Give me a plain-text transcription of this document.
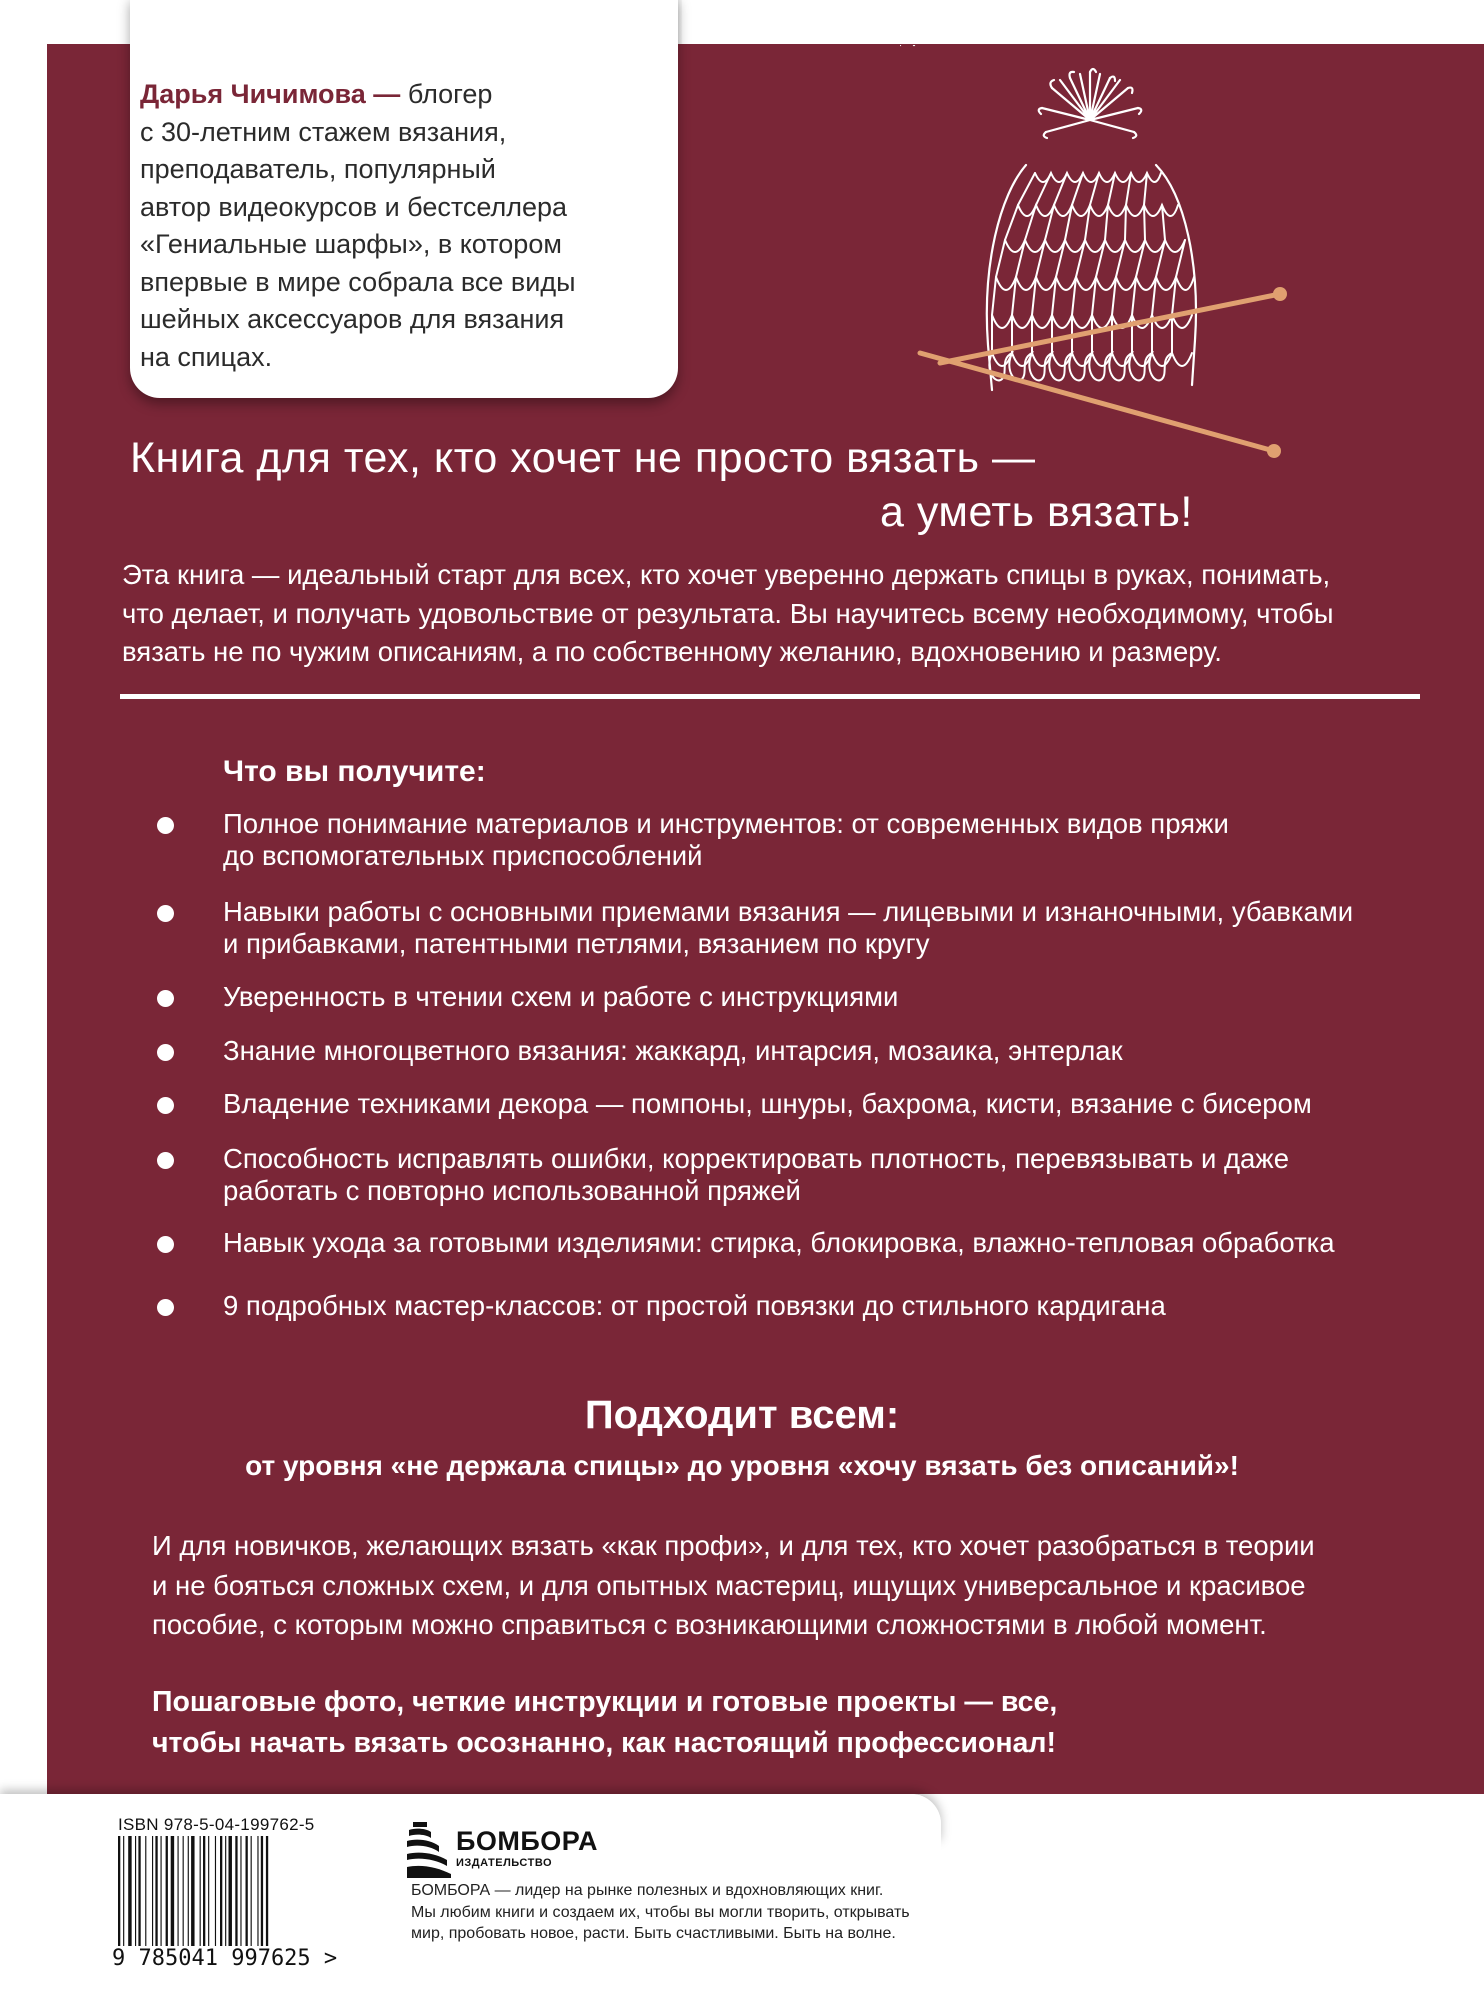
Дарья Чичимова — блогер
с 30-летним стажем вязания,
преподаватель, популярный
автор видеокурсов и бестселлера
«Гениальные шарфы», в котором
впервые в мире собрала все виды
шейных аксессуаров для вязания
на спицах.
Книга для тех, кто хочет не просто вязать —
а уметь вязать!
Эта книга — идеальный старт для всех, кто хочет уверенно держать спицы в руках, понимать,
что делает, и получать удовольствие от результата. Вы научитесь всему необходимому, чтобы
вязать не по чужим описаниям, а по собственному желанию, вдохновению и размеру.
Что вы получите:
Полное понимание материалов и инструментов: от современных видов пряжи
до вспомогательных приспособлений
Навыки работы с основными приемами вязания — лицевыми и изнаночными, убавками
и прибавками, патентными петлями, вязанием по кругу
Уверенность в чтении схем и работе с инструкциями
Знание многоцветного вязания: жаккард, интарсия, мозаика, энтерлак
Владение техниками декора — помпоны, шнуры, бахрома, кисти, вязание с бисером
Способность исправлять ошибки, корректировать плотность, перевязывать и даже
работать с повторно использованной пряжей
Навык ухода за готовыми изделиями: стирка, блокировка, влажно-тепловая обработка
9 подробных мастер-классов: от простой повязки до стильного кардигана
Подходит всем:
от уровня «не держала спицы» до уровня «хочу вязать без описаний»!
И для новичков, желающих вязать «как профи», и для тех, кто хочет разобраться в теории
и не бояться сложных схем, и для опытных мастериц, ищущих универсальное и красивое
пособие, с которым можно справиться с возникающими сложностями в любой момент.
Пошаговые фото, четкие инструкции и готовые проекты — все,
чтобы начать вязать осознанно, как настоящий профессионал!
ISBN 978-5-04-199762-5
9 785041 997625 >
БОМБОРА
ИЗДАТЕЛЬСТВО
БОМБОРА — лидер на рынке полезных и вдохновляющих книг.
Мы любим книги и создаем их, чтобы вы могли творить, открывать
мир, пробовать новое, расти. Быть счастливыми. Быть на волне.
